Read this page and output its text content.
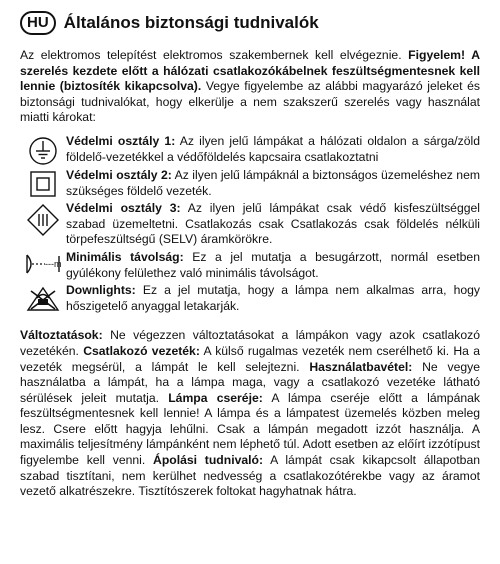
HU Általános biztonsági tudnivalók

Az elektromos telepítést elektromos szakembernek kell elvégeznie. Figyelem! A szerelés kezdete előtt a hálózati csatlakozókábelnek feszültségmentesnek kell lennie (biztosíték kikapcsolva). Vegye figyelembe az alábbi magyarázó jeleket és biztonsági tudnivalókat, hogy elkerülje a nem szakszerű szerelés vagy használat miatti károkat:

Védelmi osztály 1: Az ilyen jelű lámpákat a hálózati oldalon a sárga/zöld földelő-vezetékkel a védőföldelés kapcsaira csatlakoztatni

Védelmi osztály 2: Az ilyen jelű lámpáknál a biztonságos üzemeléshez nem szükséges földelő vezeték.

Védelmi osztály 3: Az ilyen jelű lámpákat csak védő kisfeszültséggel szabad üzemeltetni. Csatlakozás csak Csatlakozás csak földelés nélküli törpefeszültségű (SELV) áramkörökre.

---m Minimális távolság: Ez a jel mutatja a besugárzott, normál esetben gyúlékony felülethez való minimális távolságot.

Downlights: Ez a jel mutatja, hogy a lámpa nem alkalmas arra, hogy hőszigetelő anyaggal letakarják.

Változtatások: Ne végezzen változtatásokat a lámpákon vagy azok csatlakozó vezetékén. Csatlakozó vezeték: A külső rugalmas vezeték nem cserélhető ki. Ha a vezeték megsérül, a lámpát le kell selejtezni. Használatbavétel: Ne vegye használatba a lámpát, ha a lámpa maga, vagy a csatlakozó vezetéke látható sérülések jeleit mutatja. Lámpa cseréje: A lámpa cseréje előtt a lámpának feszültségmentesnek kell lennie! A lámpa és a lámpatest üzemelés közben meleg lesz. Csere előtt hagyja lehűlni. Csak a lámpán megadott izzót használja. A maximális teljesítmény lámpánként nem léphető túl. Adott esetben az előírt izzótípust figyelembe kell venni. Ápolási tudnivaló: A lámpát csak kikapcsolt állapotban szabad tisztítani, nem kerülhet nedvesség a csatlakozótérekbe vagy az áramot vezető alkatrészekre. Tisztítószerek foltokat hagyhatnak hátra.
